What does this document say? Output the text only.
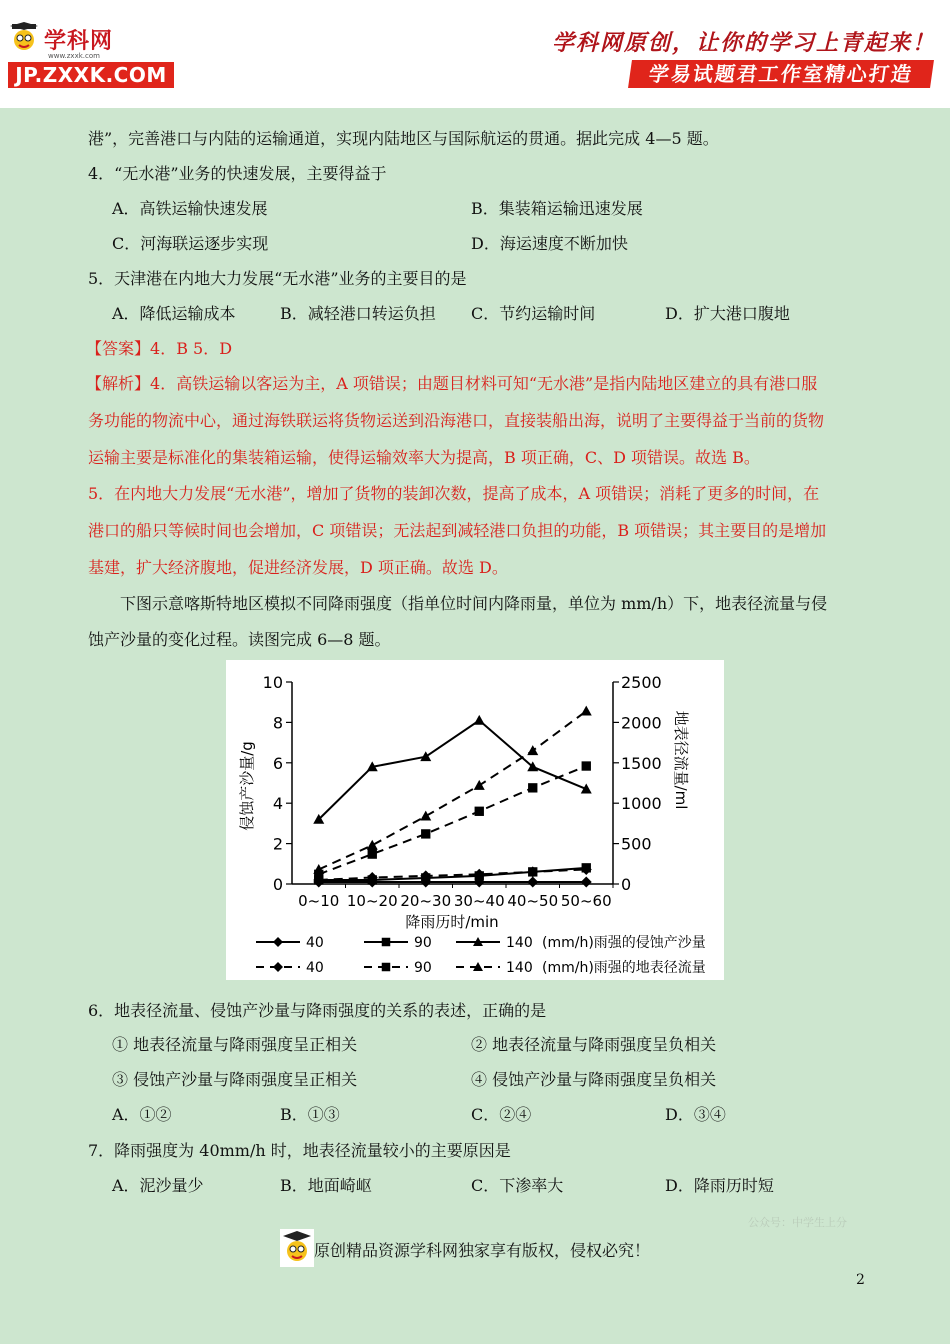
学科网
www.zxxk.com
JP.ZXXK.COM
学科网原创，让你的学习上青起来！
学易试题君工作室精心打造
港”，完善港口与内陆的运输通道，实现内陆地区与国际航运的贯通。据此完成 4—5 题。
4．“无水港”业务的快速发展，主要得益于
A．高铁运输快速发展	B．集装箱运输迅速发展
C．河海联运逐步实现	D．海运速度不断加快
5．天津港在内地大力发展“无水港”业务的主要目的是
A．降低运输成本	B．减轻港口转运负担 C．节约运输时间	D．扩大港口腹地
【答案】4．B 5．D
【解析】4．高铁运输以客运为主，A 项错误；由题目材料可知“无水港”是指内陆地区建立的具有港口服
务功能的物流中心，通过海铁联运将货物运送到沿海港口，直接装船出海，说明了主要得益于当前的货物
运输主要是标准化的集装箱运输，使得运输效率大为提高，B 项正确，C、D 项错误。故选 B。
5．在内地大力发展“无水港”，增加了货物的装卸次数，提高了成本，A 项错误；消耗了更多的时间，在
港口的船只等候时间也会增加，C 项错误；无法起到减轻港口负担的功能，B 项错误；其主要目的是增加
基建，扩大经济腹地，促进经济发展，D 项正确。故选 D。
下图示意喀斯特地区模拟不同降雨强度（指单位时间内降雨量，单位为 mm/h）下，地表径流量与侵
蚀产沙量的变化过程。读图完成 6—8 题。
0
2
4
6
8
10
0
500
1000
1500
2000
2500
0~10 10~20 20~30 30~40 40~50 50~60
侵蚀产沙量/g	地表径流量/ml
降雨历时/min
40	90	140 (mm/h)雨强的侵蚀产沙量
40	90	140 (mm/h)雨强的地表径流量
6．地表径流量、侵蚀产沙量与降雨强度的关系的表述，正确的是
① 地表径流量与降雨强度呈正相关	② 地表径流量与降雨强度呈负相关
③ 侵蚀产沙量与降雨强度呈正相关	④ 侵蚀产沙量与降雨强度呈负相关
A．①②	B．①③	C．②④	D．③④
7．降雨强度为 40mm/h 时，地表径流量较小的主要原因是
A．泥沙量少	B．地面崎岖	C．下渗率大	D．降雨历时短
公众号：中学生上分
原创精品资源学科网独家享有版权，侵权必究！
2
